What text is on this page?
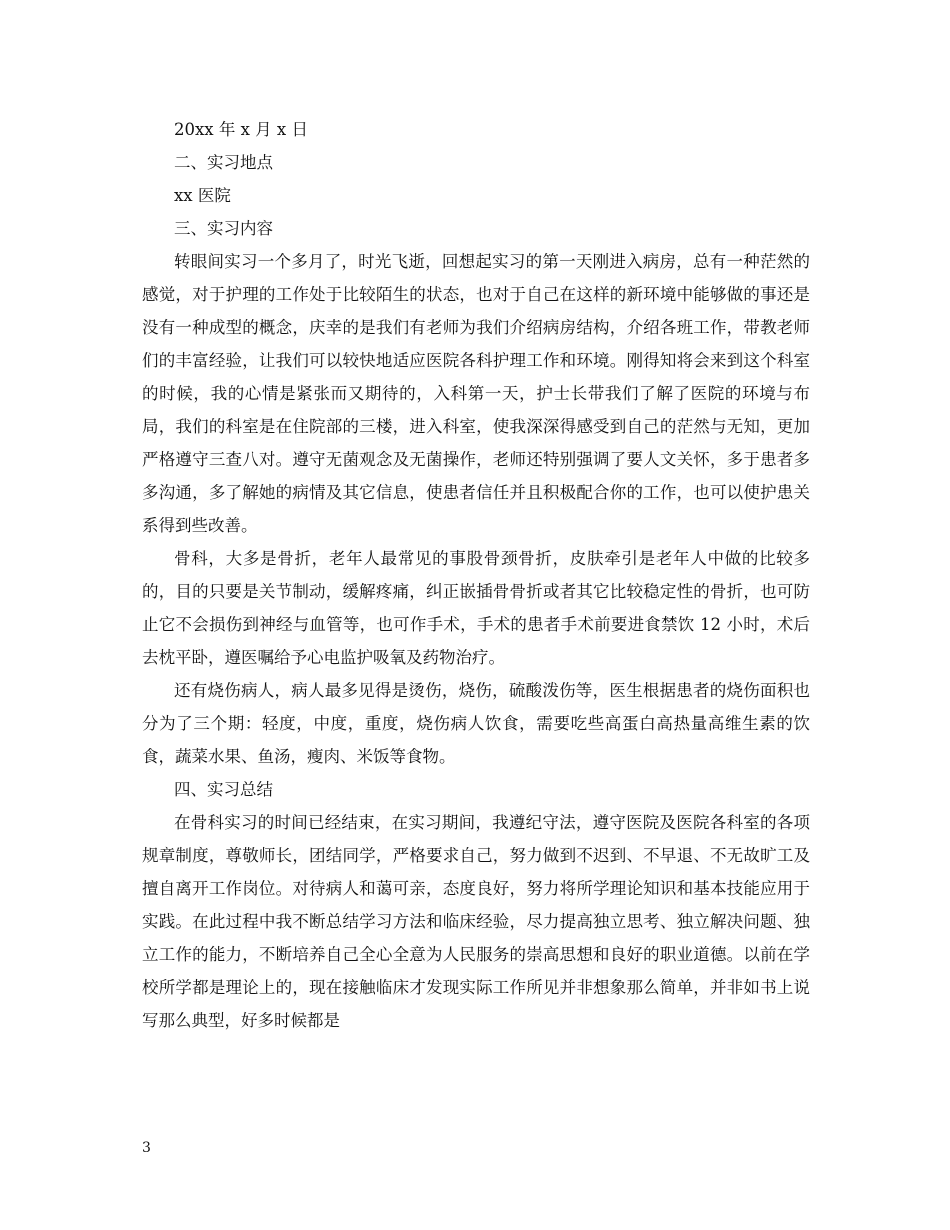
20xx 年 x 月 x 日

二、实习地点

xx 医院

三、实习内容

转眼间实习一个多月了，时光飞逝，回想起实习的第一天刚进入病房，总有一种茫然的感觉，对于护理的工作处于比较陌生的状态，也对于自己在这样的新环境中能够做的事还是没有一种成型的概念，庆幸的是我们有老师为我们介绍病房结构，介绍各班工作，带教老师们的丰富经验，让我们可以较快地适应医院各科护理工作和环境。刚得知将会来到这个科室的时候，我的心情是紧张而又期待的，入科第一天，护士长带我们了解了医院的环境与布局，我们的科室是在住院部的三楼，进入科室，使我深深得感受到自己的茫然与无知，更加严格遵守三查八对。遵守无菌观念及无菌操作，老师还特别强调了要人文关怀，多于患者多多沟通，多了解她的病情及其它信息，使患者信任并且积极配合你的工作，也可以使护患关系得到些改善。

骨科，大多是骨折，老年人最常见的事股骨颈骨折，皮肤牵引是老年人中做的比较多的，目的只要是关节制动，缓解疼痛，纠正嵌插骨骨折或者其它比较稳定性的骨折，也可防止它不会损伤到神经与血管等，也可作手术，手术的患者手术前要进食禁饮 12 小时，术后去枕平卧，遵医嘱给予心电监护吸氧及药物治疗。

还有烧伤病人，病人最多见得是烫伤，烧伤，硫酸泼伤等，医生根据患者的烧伤面积也分为了三个期：轻度，中度，重度，烧伤病人饮食，需要吃些高蛋白高热量高维生素的饮食，蔬菜水果、鱼汤，瘦肉、米饭等食物。

四、实习总结

在骨科实习的时间已经结束，在实习期间，我遵纪守法，遵守医院及医院各科室的各项规章制度，尊敬师长，团结同学，严格要求自己，努力做到不迟到、不早退、不无故旷工及擅自离开工作岗位。对待病人和蔼可亲，态度良好，努力将所学理论知识和基本技能应用于实践。在此过程中我不断总结学习方法和临床经验，尽力提高独立思考、独立解决问题、独立工作的能力，不断培养自己全心全意为人民服务的崇高思想和良好的职业道德。以前在学校所学都是理论上的，现在接触临床才发现实际工作所见并非想象那么简单，并非如书上说写那么典型，好多时候都是

3
